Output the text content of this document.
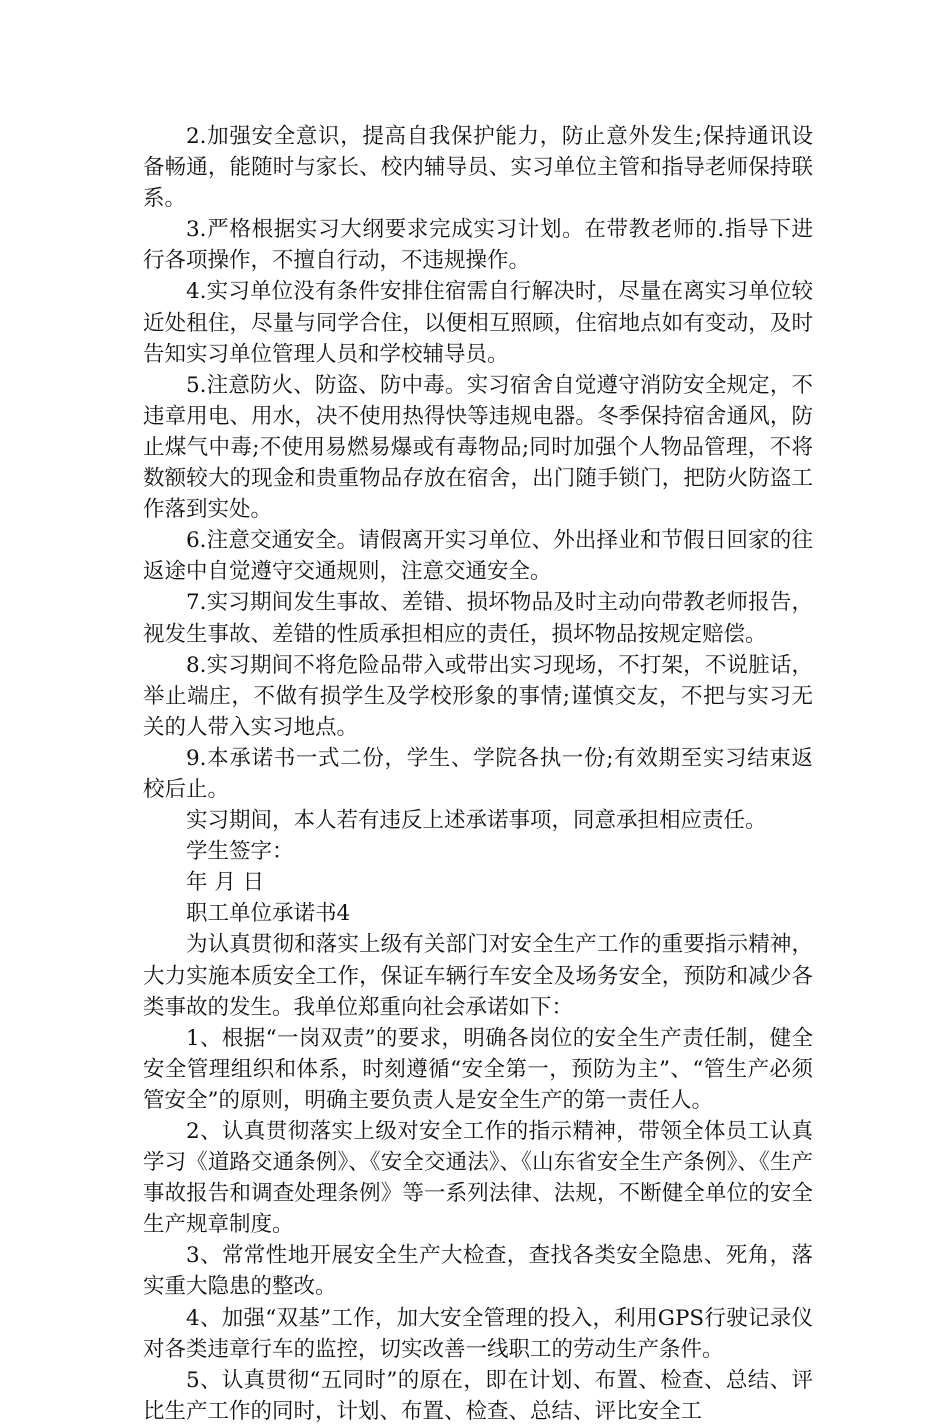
2.加强安全意识，提高自我保护能力，防止意外发生;保持通讯设备畅通，能随时与家长、校内辅导员、实习单位主管和指导老师保持联系。

3.严格根据实习大纲要求完成实习计划。在带教老师的.指导下进行各项操作，不擅自行动，不违规操作。

4.实习单位没有条件安排住宿需自行解决时，尽量在离实习单位较近处租住，尽量与同学合住，以便相互照顾，住宿地点如有变动，及时告知实习单位管理人员和学校辅导员。

5.注意防火、防盗、防中毒。实习宿舍自觉遵守消防安全规定，不违章用电、用水，决不使用热得快等违规电器。冬季保持宿舍通风，防止煤气中毒;不使用易燃易爆或有毒物品;同时加强个人物品管理，不将数额较大的现金和贵重物品存放在宿舍，出门随手锁门，把防火防盗工作落到实处。

6.注意交通安全。请假离开实习单位、外出择业和节假日回家的往返途中自觉遵守交通规则，注意交通安全。

7.实习期间发生事故、差错、损坏物品及时主动向带教老师报告，视发生事故、差错的性质承担相应的责任，损坏物品按规定赔偿。

8.实习期间不将危险品带入或带出实习现场，不打架，不说脏话，举止端庄，不做有损学生及学校形象的事情;谨慎交友，不把与实习无关的人带入实习地点。

9.本承诺书一式二份，学生、学院各执一份;有效期至实习结束返校后止。

实习期间，本人若有违反上述承诺事项，同意承担相应责任。

学生签字：

年 月 日

职工单位承诺书4

为认真贯彻和落实上级有关部门对安全生产工作的重要指示精神，大力实施本质安全工作，保证车辆行车安全及场务安全，预防和减少各类事故的发生。我单位郑重向社会承诺如下：

1、根据“一岗双责”的要求，明确各岗位的安全生产责任制，健全安全管理组织和体系，时刻遵循“安全第一，预防为主”、“管生产必须管安全”的原则，明确主要负责人是安全生产的第一责任人。

2、认真贯彻落实上级对安全工作的指示精神，带领全体员工认真学习《道路交通条例》、《安全交通法》、《山东省安全生产条例》、《生产事故报告和调查处理条例》等一系列法律、法规，不断健全单位的安全生产规章制度。

3、常常性地开展安全生产大检查，查找各类安全隐患、死角，落实重大隐患的整改。

4、加强“双基”工作，加大安全管理的投入，利用GPS行驶记录仪对各类违章行车的监控，切实改善一线职工的劳动生产条件。

5、认真贯彻“五同时”的原在，即在计划、布置、检查、总结、评比生产工作的同时，计划、布置、检查、总结、评比安全工
